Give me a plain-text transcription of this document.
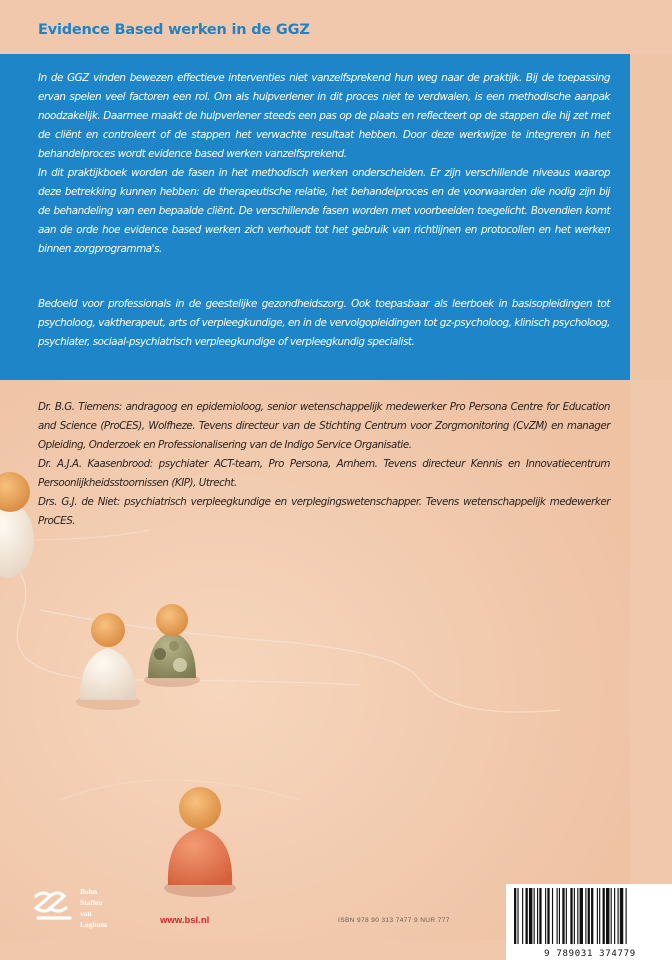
Evidence Based werken in de GGZ

In de GGZ vinden bewezen effectieve interventies niet vanzelfsprekend hun weg naar de praktijk. Bij de toepassing ervan spelen veel factoren een rol. Om als hulpverlener in dit proces niet te verdwalen, is een methodische aanpak noodzakelijk. Daarmee maakt de hulpverlener steeds een pas op de plaats en reflecteert op de stappen die hij zet met de cliënt en controleert of de stappen het verwachte resultaat hebben. Door deze werkwijze te integreren in het behandelproces wordt evidence based werken vanzelfsprekend.

In dit praktijkboek worden de fasen in het methodisch werken onderscheiden. Er zijn verschillende niveaus waarop deze betrekking kunnen hebben: de therapeutische relatie, het behandelproces en de voorwaarden die nodig zijn bij de behandeling van een bepaalde cliënt. De verschillende fasen worden met voorbeelden toegelicht. Bovendien komt aan de orde hoe evidence based werken zich verhoudt tot het gebruik van richtlijnen en protocollen en het werken binnen zorgprogramma's.

Bedoeld voor professionals in de geestelijke gezondheidszorg. Ook toepasbaar als leerboek in basisopleidingen tot psycholoog, vaktherapeut, arts of verpleegkundige, en in de vervolgopleidingen tot gz-psycholoog, klinisch psycholoog, psychiater, sociaal-psychiatrisch verpleegkundige of verpleegkundig specialist.

Dr. B.G. Tiemens: andragoog en epidemioloog, senior wetenschappelijk medewerker Pro Persona Centre for Education and Science (ProCES), Wolfheze. Tevens directeur van de Stichting Centrum voor Zorgmonitoring (CvZM) en manager Opleiding, Onderzoek en Professionalisering van de Indigo Service Organisatie.

Dr. A.J.A. Kaasenbrood: psychiater ACT-team, Pro Persona, Arnhem. Tevens directeur Kennis en Innovatiecentrum Persoonlijkheidsstoornissen (KIP), Utrecht.

Drs. G.J. de Niet: psychiatrisch verpleegkundige en verplegingswetenschapper. Tevens wetenschappelijk medewerker ProCES.

Bohn
Stafleu
van Loghum	www.bsl.nl	ISBN 978 90 313 7477 9 NUR 777
9 789031 374779
